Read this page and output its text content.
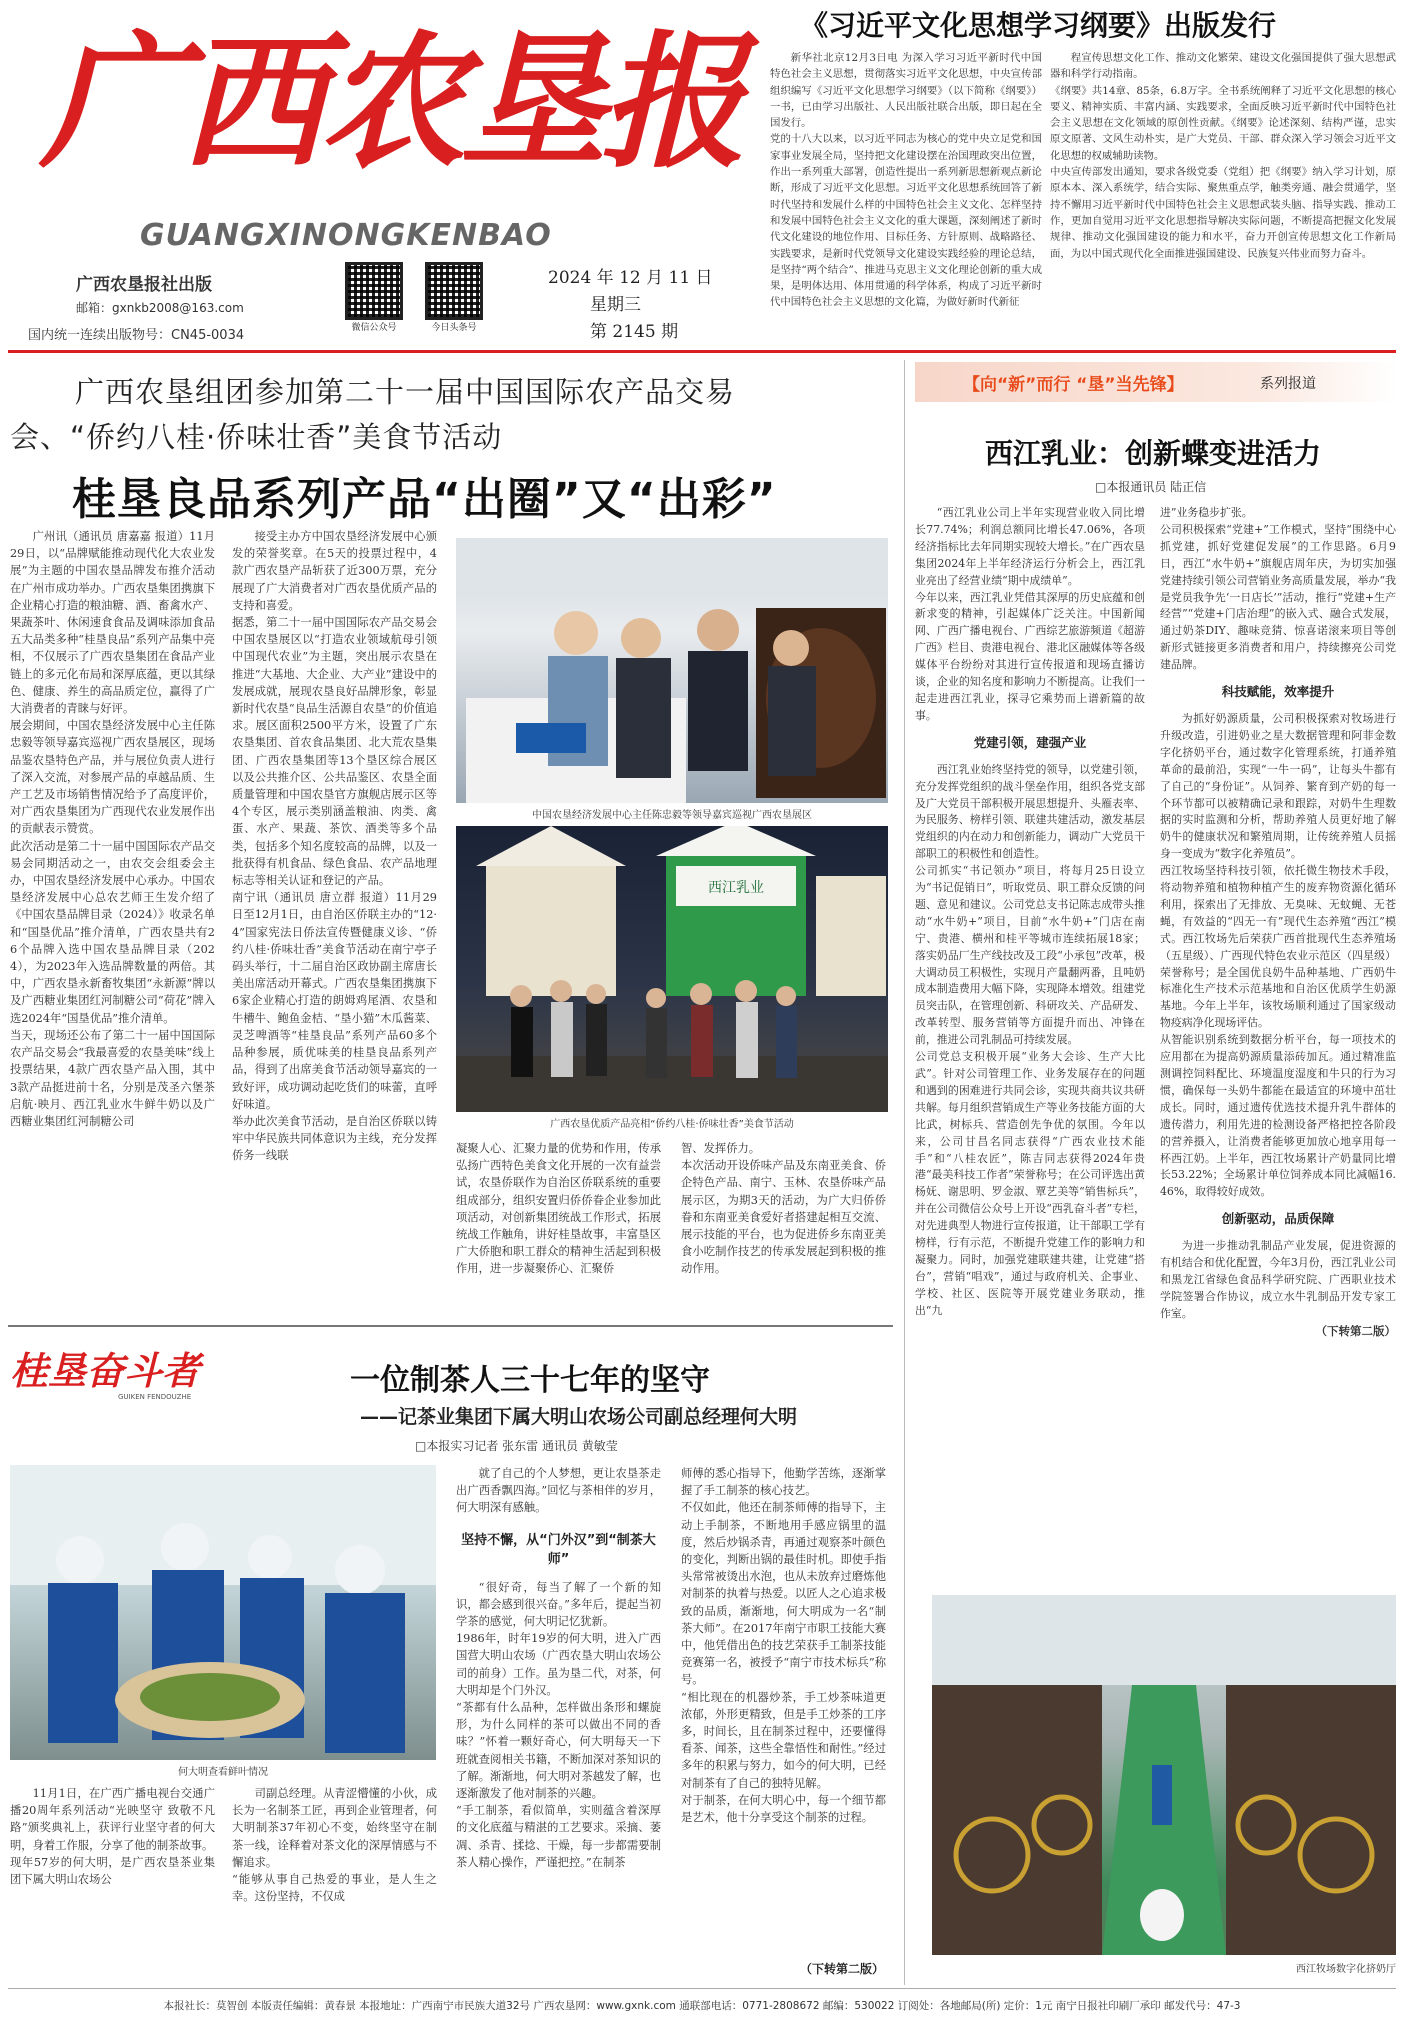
广西农垦报
GUANGXINONGKENBAO
广西农垦报社出版
邮箱：gxnkb2008@163.com
国内统一连续出版物号：CN45-0034	微信公众号	今日头条号
2024 年 12 月 11 日
星期三
第 2145 期
《习近平文化思想学习纲要》出版发行

新华社北京12月3日电 为深入学习习近平新时代中国特色社会主义思想，贯彻落实习近平文化思想，中央宣传部组织编写《习近平文化思想学习纲要》（以下简称《纲要》）一书，已由学习出版社、人民出版社联合出版，即日起在全国发行。
党的十八大以来，以习近平同志为核心的党中央立足党和国家事业发展全局，坚持把文化建设摆在治国理政突出位置，作出一系列重大部署，创造性提出一系列新思想新观点新论断，形成了习近平文化思想。习近平文化思想系统回答了新时代坚持和发展什么样的中国特色社会主义文化、怎样坚持和发展中国特色社会主义文化的重大课题，深刻阐述了新时代文化建设的地位作用、目标任务、方针原则、战略路径、实践要求，是新时代党领导文化建设实践经验的理论总结，是坚持“两个结合”、推进马克思主义文化理论创新的重大成果，是明体达用、体用贯通的科学体系，构成了习近平新时代中国特色社会主义思想的文化篇，为做好新时代新征

程宣传思想文化工作、推动文化繁荣、建设文化强国提供了强大思想武器和科学行动指南。
《纲要》共14章、85条，6.8万字。全书系统阐释了习近平文化思想的核心要义、精神实质、丰富内涵、实践要求，全面反映习近平新时代中国特色社会主义思想在文化领域的原创性贡献。《纲要》论述深刻、结构严谨，忠实原文原著、文风生动朴实，是广大党员、干部、群众深入学习领会习近平文化思想的权威辅助读物。
中央宣传部发出通知，要求各级党委（党组）把《纲要》纳入学习计划，原原本本、深入系统学，结合实际、聚焦重点学，触类旁通、融会贯通学，坚持不懈用习近平新时代中国特色社会主义思想武装头脑、指导实践、推动工作，更加自觉用习近平文化思想指导解决实际问题，不断提高把握文化发展规律、推动文化强国建设的能力和水平，奋力开创宣传思想文化工作新局面，为以中国式现代化全面推进强国建设、民族复兴伟业而努力奋斗。

广西农垦组团参加第二十一届中国国际农产品交易
会、“侨约八桂·侨味壮香”美食节活动
桂垦良品系列产品“出圈”又“出彩”

广州讯（通讯员 唐嘉嘉 报道）11月29日，以“品牌赋能推动现代化大农业发展”为主题的中国农垦品牌发布推介活动在广州市成功举办。广西农垦集团携旗下企业精心打造的粮油糖、酒、畜禽水产、果蔬茶叶、休闲速食食品及调味添加食品五大品类多种“桂垦良品”系列产品集中亮相，不仅展示了广西农垦集团在食品产业链上的多元化布局和深厚底蕴，更以其绿色、健康、养生的高品质定位，赢得了广大消费者的青睐与好评。
展会期间，中国农垦经济发展中心主任陈忠毅等领导嘉宾巡视广西农垦展区，现场品鉴农垦特色产品，并与展位负责人进行了深入交流，对参展产品的卓越品质、生产工艺及市场销售情况给予了高度评价，对广西农垦集团为广西现代农业发展作出的贡献表示赞赏。
此次活动是第二十一届中国国际农产品交易会同期活动之一，由农交会组委会主办，中国农垦经济发展中心承办。中国农垦经济发展中心总农艺师王生发介绍了《中国农垦品牌目录（2024）》收录名单和“国垦优品”推介清单，广西农垦共有26个品牌入选中国农垦品牌目录（2024），为2023年入选品牌数量的两倍。其中，广西农垦永新畜牧集团“永新源”牌以及广西糖业集团红河制糖公司“荷花”牌入选2024年“国垦优品”推介清单。
当天，现场还公布了第二十一届中国国际农产品交易会“我最喜爱的农垦美味”线上投票结果，4款广西农垦产品入围，其中3款产品挺进前十名，分别是茂圣六堡茶启航·映月、西江乳业水牛鲜牛奶以及广西糖业集团红河制糖公司

接受主办方中国农垦经济发展中心颁发的荣誉奖章。在5天的投票过程中，4款广西农垦产品斩获了近300万票，充分展现了广大消费者对广西农垦优质产品的支持和喜爱。
据悉，第二十一届中国国际农产品交易会中国农垦展区以“打造农业领域航母引领中国现代农业”为主题，突出展示农垦在推进“大基地、大企业、大产业”建设中的发展成就，展现农垦良好品牌形象，彰显新时代农垦“良品生活源自农垦”的价值追求。展区面积2500平方米，设置了广东农垦集团、首农食品集团、北大荒农垦集团、广西农垦集团等13个垦区综合展区以及公共推介区、公共品鉴区、农垦全面质量管理和中国农垦官方旗舰店展示区等4个专区，展示类别涵盖粮油、肉类、禽蛋、水产、果蔬、茶饮、酒类等多个品类，包括多个知名度较高的品牌，以及一批获得有机食品、绿色食品、农产品地理标志等相关认证和登记的产品。
南宁讯（通讯员 唐立群 报道）11月29日至12月1日，由自治区侨联主办的“12·4”国家宪法日侨法宣传暨健康义诊、“侨约八桂·侨味壮香”美食节活动在南宁亭子码头举行，十二届自治区政协副主席唐长美出席活动开幕式。广西农垦集团携旗下6家企业精心打造的朗姆鸡尾酒、农垦和牛槽牛、鲍鱼金桔、“垦小猫”木瓜酱菜、灵芝啤酒等“桂垦良品”系列产品60多个品种参展，质优味美的桂垦良品系列产品，得到了出席美食节活动领导嘉宾的一致好评，成功调动起吃货们的味蕾，直呼好味道。
举办此次美食节活动，是自治区侨联以铸牢中华民族共同体意识为主线，充分发挥侨务一线联

中国农垦经济发展中心主任陈忠毅等领导嘉宾巡视广西农垦展区
西江乳业
广西农垦优质产品亮相“侨约八桂·侨味壮香”美食节活动

凝聚人心、汇聚力量的优势和作用，传承弘扬广西特色美食文化开展的一次有益尝试，农垦侨联作为自治区侨联系统的重要组成部分，组织安置归侨侨眷企业参加此项活动，对创新集团统战工作形式，拓展统战工作触角，讲好桂垦故事，丰富垦区广大侨胞和职工群众的精神生活起到积极作用，进一步凝聚侨心、汇聚侨

智、发挥侨力。
本次活动开设侨味产品及东南亚美食、侨企特色产品、南宁、玉林、农垦侨味产品展示区，为期3天的活动，为广大归侨侨眷和东南亚美食爱好者搭建起相互交流、展示技能的平台，也为促进侨乡东南亚美食小吃制作技艺的传承发展起到积极的推动作用。

桂垦奋斗者
GUIKEN FENDOUZHE	一位制茶人三十七年的坚守
——记茶业集团下属大明山农场公司副总经理何大明
□本报实习记者 张东雷 通讯员 黄敏莹
何大明查看鲜叶情况

11月1日，在广西广播电视台交通广播20周年系列活动“光映坚守 致敬不凡路”颁奖典礼上，获评行业坚守者的何大明，身着工作服，分享了他的制茶故事。
现年57岁的何大明，是广西农垦茶业集团下属大明山农场公

司副总经理。从青涩懵懂的小伙，成长为一名制茶工匠，再到企业管理者，何大明制茶37年初心不变，始终坚守在制茶一线，诠释着对茶文化的深厚情感与不懈追求。
“能够从事自己热爱的事业，是人生之幸。这份坚持，不仅成

就了自己的个人梦想，更让农垦茶走出广西香飘四海。”回忆与茶相伴的岁月，何大明深有感触。

坚持不懈，从“门外汉”到“制茶大师”

“很好奇，每当了解了一个新的知识，都会感到很兴奋。”多年后，提起当初学茶的感觉，何大明记忆犹新。
1986年，时年19岁的何大明，进入广西国营大明山农场（广西农垦大明山农场公司的前身）工作。虽为垦二代，对茶，何大明却是个门外汉。
“茶都有什么品种，怎样做出条形和螺旋形，为什么同样的茶可以做出不同的香味？”怀着一颗好奇心，何大明每天一下班就查阅相关书籍，不断加深对茶知识的了解。渐渐地，何大明对茶越发了解，也逐渐激发了他对制茶的兴趣。
“手工制茶，看似简单，实则蕴含着深厚的文化底蕴与精湛的工艺要求。采摘、萎凋、杀青、揉捻、干燥，每一步都需要制茶人精心操作，严谨把控。”在制茶

师傅的悉心指导下，他勤学苦练，逐渐掌握了手工制茶的核心技艺。
不仅如此，他还在制茶师傅的指导下，主动上手制茶，不断地用手感应锅里的温度，然后炒锅杀青，再通过观察茶叶颜色的变化，判断出锅的最佳时机。即使手指头常常被烫出水泡，也从未放弃过磨炼他对制茶的执着与热爱。以匠人之心追求极致的品质，渐渐地，何大明成为一名“制茶大师”。在2017年南宁市职工技能大赛中，他凭借出色的技艺荣获手工制茶技能竞赛第一名，被授予“南宁市技术标兵”称号。
“相比现在的机器炒茶，手工炒茶味道更浓郁，外形更精致，但是手工炒茶的工序多，时间长，且在制茶过程中，还要懂得看茶、闻茶，这些全靠悟性和耐性。”经过多年的积累与努力，如今的何大明，已经对制茶有了自己的独特见解。
对于制茶，在何大明心中，每一个细节都是艺术，他十分享受这个制茶的过程。

（下转第二版）
【向“新”而行 “垦”当先锋】	系列报道
西江乳业：创新蝶变进活力
□本报通讯员 陆正信

“西江乳业公司上半年实现营业收入同比增长77.74%；利润总额同比增长47.06%，各项经济指标比去年同期实现较大增长。”在广西农垦集团2024年上半年经济运行分析会上，西江乳业亮出了经营业绩“期中成绩单”。
今年以来，西江乳业凭借其深厚的历史底蕴和创新求变的精神，引起媒体广泛关注。中国新闻网、广西广播电视台、广西综艺旅游频道《超游广西》栏目、贵港电视台、港北区融媒体等各级媒体平台纷纷对其进行宣传报道和现场直播访谈，企业的知名度和影响力不断提高。让我们一起走进西江乳业，探寻它乘势而上谱新篇的故事。

党建引领，建强产业

西江乳业始终坚持党的领导，以党建引领，充分发挥党组织的战斗堡垒作用，组织各党支部及广大党员干部积极开展思想提升、头雁表率、为民服务、榜样引领、联建共建活动，激发基层党组织的内在动力和创新能力，调动广大党员干部职工的积极性和创造性。
公司抓实“书记领办”项目，将每月25日设立为“书记促销日”，听取党员、职工群众反馈的问题、意见和建议。公司党总支书记陈志成带头推动“水牛奶+”项目，目前“水牛奶+”门店在南宁、贵港、横州和桂平等城市连续拓展18家；落实奶品厂生产线技改及工段“小承包”改革，极大调动员工积极性，实现月产量翻两番，且吨奶成本制造费用大幅下降，实现降本增效。组建党员突击队，在管理创新、科研攻关、产品研发、改革转型、服务营销等方面提升而出、冲锋在前，推进公司乳制品可持续发展。
公司党总支积极开展“业务大会诊、生产大比武”。针对公司管理工作、业务发展存在的问题和遇到的困难进行共同会诊，实现共商共议共研共解。每月组织营销成生产等业务技能方面的大比武，树标兵、营造创先争优的氛围。今年以来，公司甘昌名同志获得“广西农业技术能手”和“八桂农匠”，陈吉同志获得2024年贵港“最美科技工作者”荣誉称号；在公司评选出黄杨妩、谢思明、罗金淑、覃艺美等“销售标兵”，并在公司微信公众号上开设“西乳奋斗者”专栏，对先进典型人物进行宣传报道，让干部职工学有榜样，行有示范，不断提升党建工作的影响力和凝聚力。同时，加强党建联建共建，让党建“搭台”，营销“唱戏”，通过与政府机关、企事业、学校、社区、医院等开展党建业务联动，推出“九

进”业务稳步扩张。
公司积极探索“党建+”工作模式，坚持“围绕中心抓党建，抓好党建促发展”的工作思路。6月9日，西江“水牛奶+”旗舰店周年庆，为切实加强党建持续引领公司营销业务高质量发展，举办“我是党员我争先‘一日店长’”活动，推行“党建+生产经营”“党建+门店治理”的嵌入式、融合式发展，通过奶茶DIY、趣味竞猜、惊喜诺滚来项目等创新形式链接更多消费者和用户，持续擦亮公司党建品牌。

科技赋能，效率提升

为抓好奶源质量，公司积极探索对牧场进行升级改造，引进奶业之星大数据管理和阿菲金数字化挤奶平台，通过数字化管理系统，打通养殖革命的最前沿，实现“一牛一码”，让每头牛都有了自己的“身份证”。从饲养、繁育到产奶的每一个环节都可以被精确记录和跟踪，对奶牛生理数据的实时监测和分析，帮助养殖人员更好地了解奶牛的健康状况和繁殖周期，让传统养殖人员摇身一变成为“数字化养殖员”。
西江牧场坚持科技引领，依托微生物技术手段，将动物养殖和植物种植产生的废弃物资源化循环利用，探索出了无排放、无臭味、无蚊蝇、无苍蝇，有效益的“四无一有”现代生态养殖“西江”模式。西江牧场先后荣获广西首批现代生态养殖场（五星级）、广西现代特色农业示范区（四星级）荣誉称号；是全国优良奶牛品种基地、广西奶牛标准化生产技术示范基地和自治区优质学生奶源基地。今年上半年，该牧场顺利通过了国家级动物疫病净化现场评估。
从智能识别系统到数据分析平台，每一项技术的应用都在为提高奶源质量添砖加瓦。通过精准监测调控饲料配比、环境温度湿度和牛只的行为习惯，确保每一头奶牛都能在最适宜的环境中茁壮成长。同时，通过遗传优选技术提升乳牛群体的遗传潜力，利用先进的检测设备严格把控各阶段的营养摄入，让消费者能够更加放心地享用每一杯西江奶。上半年，西江牧场累计产奶量同比增长53.22%；全场累计单位饲养成本同比减幅16.46%，取得较好成效。

创新驱动，品质保障

为进一步推动乳制品产业发展，促进资源的有机结合和优化配置，今年3月份，西江乳业公司和黑龙江省绿色食品科学研究院、广西职业技术学院签署合作协议，成立水牛乳制品开发专家工作室。

（下转第二版）
西江牧场数字化挤奶厅
本报社长：莫智创 本版责任编辑：黄春景 本报地址：广西南宁市民族大道32号 广西农垦网：www.gxnk.com 通联部电话：0771-2808672 邮编：530022 订阅处：各地邮局(所) 定价：1元 南宁日报社印刷厂承印 邮发代号：47-3
